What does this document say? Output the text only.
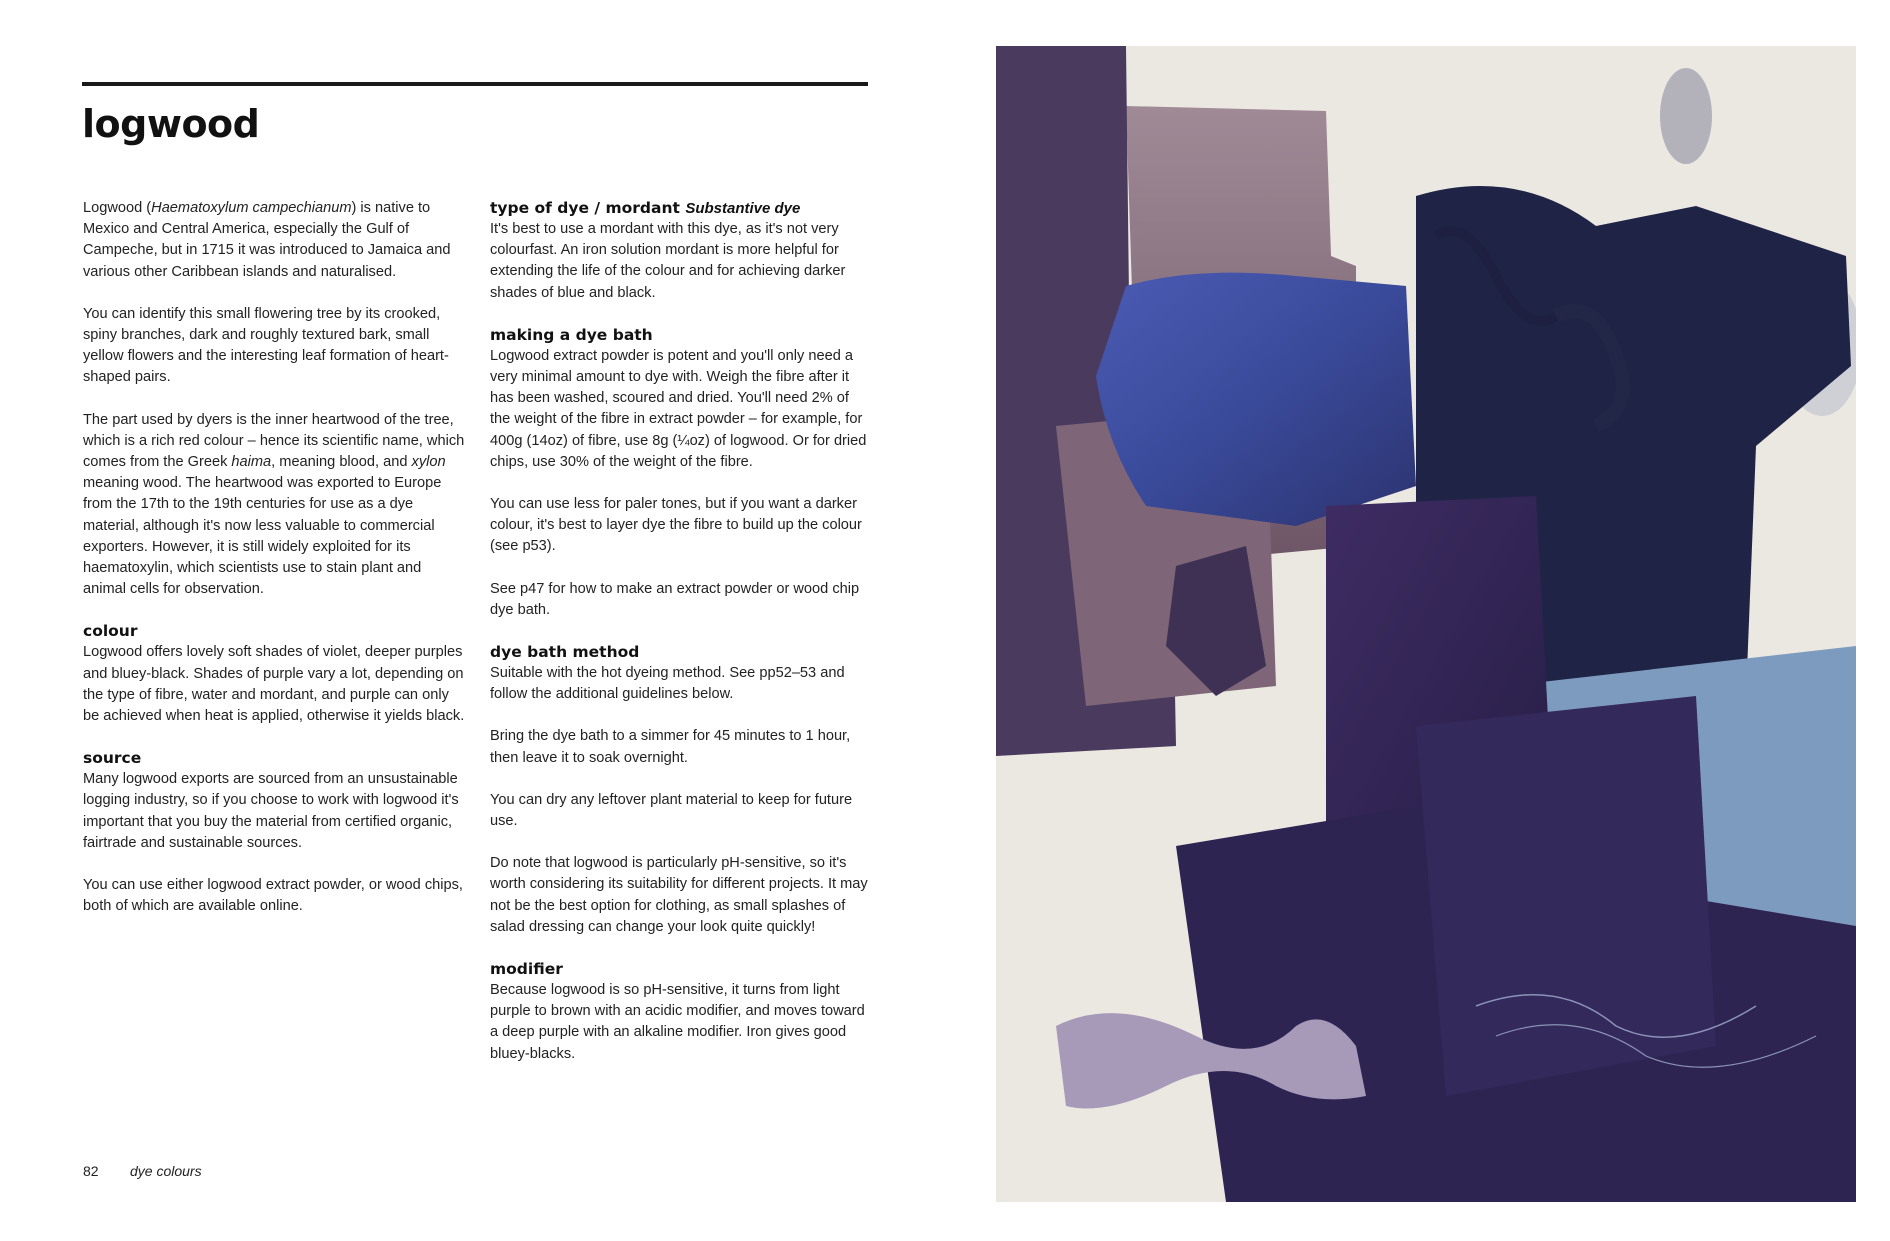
logwood

Logwood (Haematoxylum campechianum) is native to Mexico and Central America, especially the Gulf of Campeche, but in 1715 it was introduced to Jamaica and various other Caribbean islands and naturalised.

You can identify this small flowering tree by its crooked, spiny branches, dark and roughly textured bark, small yellow flowers and the interesting leaf formation of heart-shaped pairs.

The part used by dyers is the inner heartwood of the tree, which is a rich red colour – hence its scientific name, which comes from the Greek haima, meaning blood, and xylon meaning wood. The heartwood was exported to Europe from the 17th to the 19th centuries for use as a dye material, although it's now less valuable to commercial exporters. However, it is still widely exploited for its haematoxylin, which scientists use to stain plant and animal cells for observation.

colour

Logwood offers lovely soft shades of violet, deeper purples and bluey-black. Shades of purple vary a lot, depending on the type of fibre, water and mordant, and purple can only be achieved when heat is applied, otherwise it yields black.

source

Many logwood exports are sourced from an unsustainable logging industry, so if you choose to work with logwood it's important that you buy the material from certified organic, fairtrade and sustainable sources.

You can use either logwood extract powder, or wood chips, both of which are available online.

type of dye / mordant Substantive dye

It's best to use a mordant with this dye, as it's not very colourfast. An iron solution mordant is more helpful for extending the life of the colour and for achieving darker shades of blue and black.

making a dye bath

Logwood extract powder is potent and you'll only need a very minimal amount to dye with. Weigh the fibre after it has been washed, scoured and dried. You'll need 2% of the weight of the fibre in extract powder – for example, for 400g (14oz) of fibre, use 8g (¼oz) of logwood. Or for dried chips, use 30% of the weight of the fibre.

You can use less for paler tones, but if you want a darker colour, it's best to layer dye the fibre to build up the colour (see p53).

See p47 for how to make an extract powder or wood chip dye bath.

dye bath method

Suitable with the hot dyeing method. See pp52–53 and follow the additional guidelines below.

Bring the dye bath to a simmer for 45 minutes to 1 hour, then leave it to soak overnight.

You can dry any leftover plant material to keep for future use.

Do note that logwood is particularly pH-sensitive, so it's worth considering its suitability for different projects. It may not be the best option for clothing, as small splashes of salad dressing can change your look quite quickly!

modifier

Because logwood is so pH-sensitive, it turns from light purple to brown with an acidic modifier, and moves toward a deep purple with an alkaline modifier. Iron gives good bluey-blacks.

82 dye colours
